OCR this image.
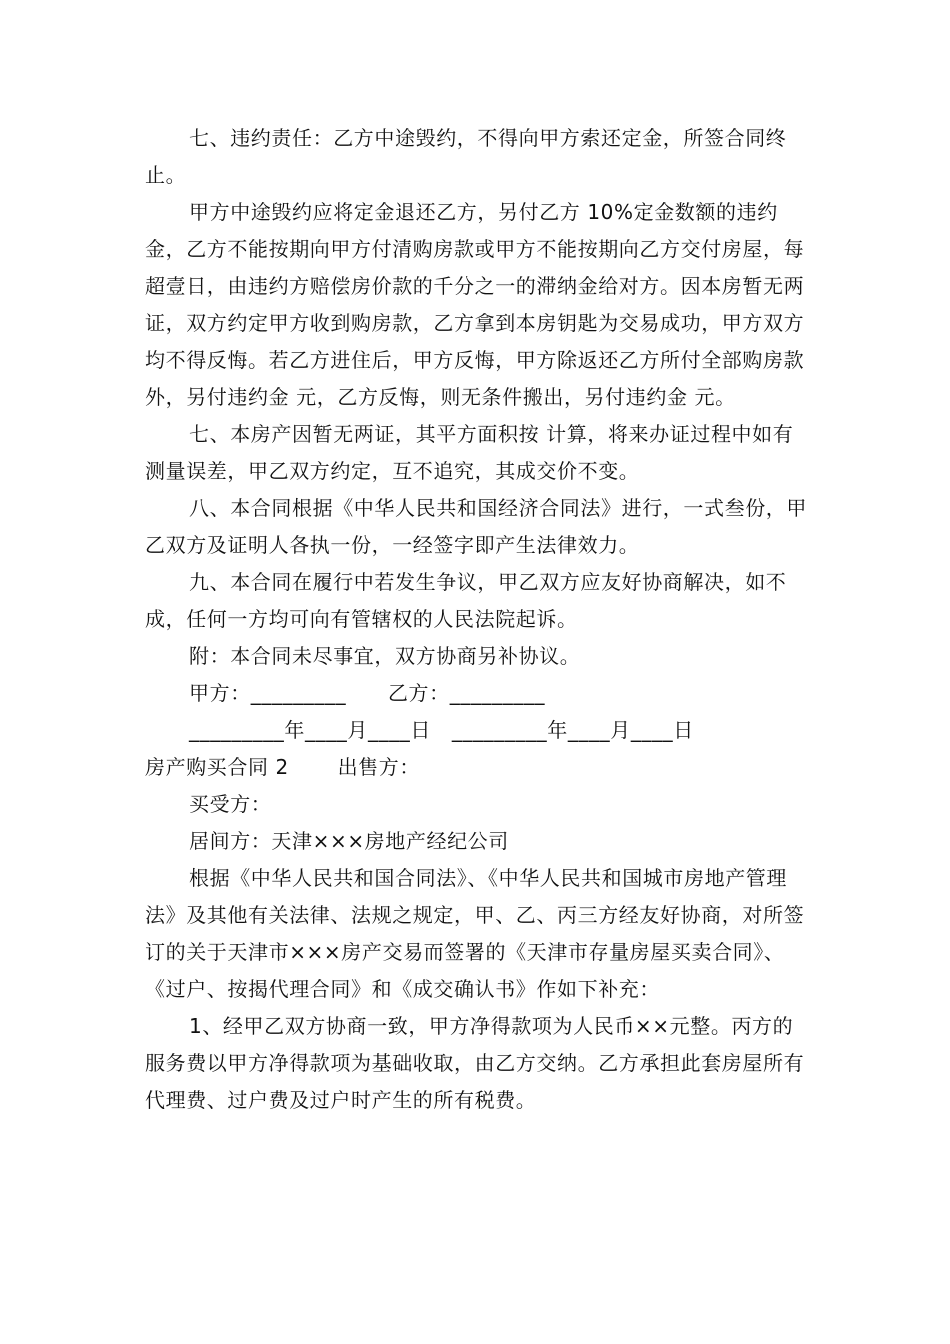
七、违约责任：乙方中途毁约，不得向甲方索还定金，所签合同终止。

甲方中途毁约应将定金退还乙方，另付乙方 10%定金数额的违约金，乙方不能按期向甲方付清购房款或甲方不能按期向乙方交付房屋，每超壹日，由违约方赔偿房价款的千分之一的滞纳金给对方。因本房暂无两证，双方约定甲方收到购房款，乙方拿到本房钥匙为交易成功，甲方双方均不得反悔。若乙方进住后，甲方反悔，甲方除返还乙方所付全部购房款外，另付违约金 元，乙方反悔，则无条件搬出，另付违约金 元。

七、本房产因暂无两证，其平方面积按 计算，将来办证过程中如有测量误差，甲乙双方约定，互不追究，其成交价不变。

八、本合同根据《中华人民共和国经济合同法》进行，一式叁份，甲乙双方及证明人各执一份，一经签字即产生法律效力。

九、本合同在履行中若发生争议，甲乙双方应友好协商解决，如不成，任何一方均可向有管辖权的人民法院起诉。

附：本合同未尽事宜，双方协商另补协议。

甲方：_________      乙方：_________

_________年____月____日   _________年____月____日

房产购买合同 2       出售方：

买受方：

居间方：天津×××房地产经纪公司

根据《中华人民共和国合同法》、《中华人民共和国城市房地产管理法》及其他有关法律、法规之规定，甲、乙、丙三方经友好协商，对所签订的关于天津市×××房产交易而签署的《天津市存量房屋买卖合同》、《过户、按揭代理合同》和《成交确认书》作如下补充：

1、经甲乙双方协商一致，甲方净得款项为人民币××元整。丙方的服务费以甲方净得款项为基础收取，由乙方交纳。乙方承担此套房屋所有代理费、过户费及过户时产生的所有税费。
